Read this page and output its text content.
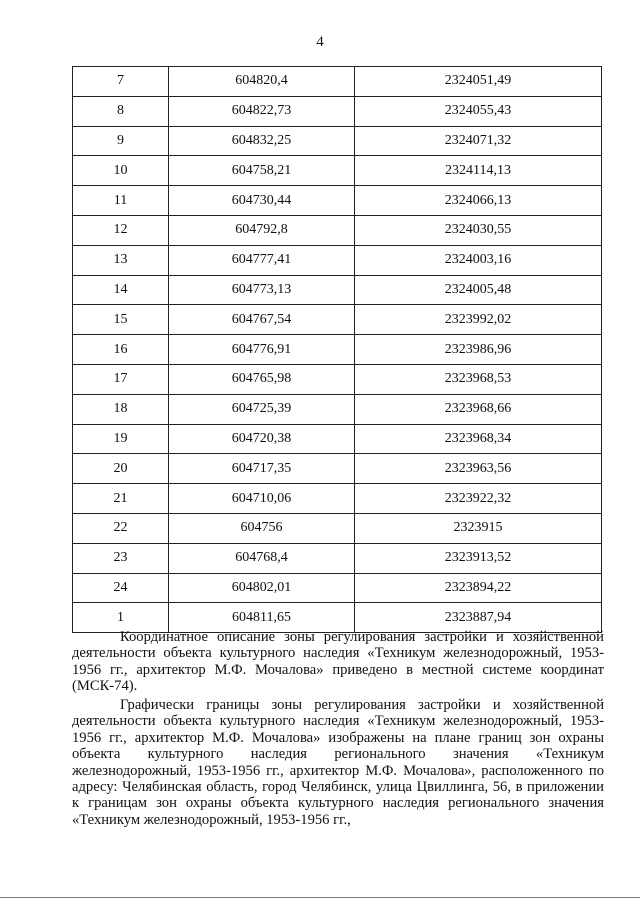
4
7	604820,4	2324051,49
8	604822,73	2324055,43
9	604832,25	2324071,32
10	604758,21	2324114,13
11	604730,44	2324066,13
12	604792,8	2324030,55
13	604777,41	2324003,16
14	604773,13	2324005,48
15	604767,54	2323992,02
16	604776,91	2323986,96
17	604765,98	2323968,53
18	604725,39	2323968,66
19	604720,38	2323968,34
20	604717,35	2323963,56
21	604710,06	2323922,32
22	604756	2323915
23	604768,4	2323913,52
24	604802,01	2323894,22
1	604811,65	2323887,94

Координатное описание зоны регулирования застройки и хозяйственной деятельности объекта культурного наследия «Техникум железнодорожный, 1953-1956 гг., архитектор М.Ф. Мочалова» приведено в местной системе координат (МСК-74).

Графически границы зоны регулирования застройки и хозяйственной деятельности объекта культурного наследия «Техникум железнодорожный, 1953-1956 гг., архитектор М.Ф. Мочалова» изображены на плане границ зон охраны объекта культурного наследия регионального значения «Техникум железнодорожный, 1953-1956 гг., архитектор М.Ф. Мочалова», расположенного по адресу: Челябинская область, город Челябинск, улица Цвиллинга, 56, в приложении к границам зон охраны объекта культурного наследия регионального значения «Техникум железнодорожный, 1953-1956 гг.,
